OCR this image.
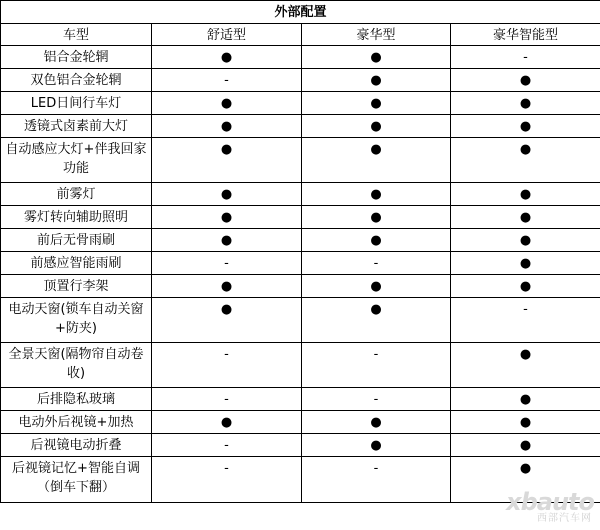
外部配置			
车型	舒适型	豪华型	豪华智能型
铝合金轮辋	●	●	-
双色铝合金轮辋	-	●	●
LED日间行车灯	●	●	●
透镜式卤素前大灯	●	●	●
自动感应大灯+伴我回家功能	●	●	●
前雾灯	●	●	●
雾灯转向辅助照明	●	●	●
前后无骨雨刷	●	●	●
前感应智能雨刷	-	-	●
顶置行李架	●	●	●
电动天窗(锁车自动关窗+防夹)	●	●	-
全景天窗(隔物帘自动卷收)	-	-	●
后排隐私玻璃	-	-	●
电动外后视镜+加热	●	●	●
后视镜电动折叠	-	●	●
后视镜记忆+智能自调（倒车下翻）	-	-	●
xbauto
西部汽车网
